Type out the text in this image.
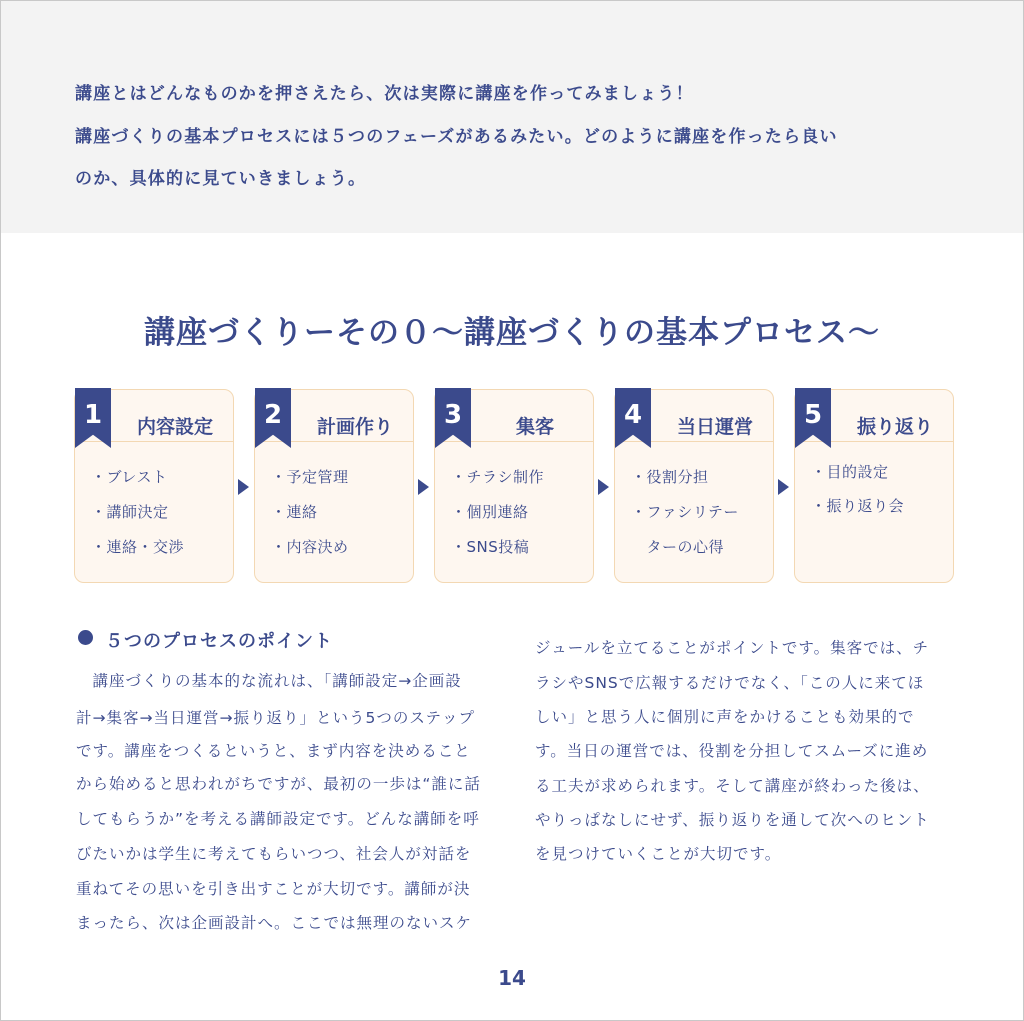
講座とはどんなものかを押さえたら、次は実際に講座を作ってみましょう！
講座づくりの基本プロセスには５つのフェーズがあるみたい。どのように講座を作ったら良い
のか、具体的に見ていきましょう。
講座づくりーその０～講座づくりの基本プロセス～
1	内容設定
・ブレスト
・講師決定
・連絡・交渉
2	計画作り
・予定管理
・連絡
・内容決め
3	集客
・チラシ制作
・個別連絡
・SNS投稿
4	当日運営
・役割分担
・ファシリテー
　ターの心得
5	振り返り
・目的設定
・振り返り会
５つのプロセスのポイント
　講座づくりの基本的な流れは、「講師設定→企画設
計→集客→当日運営→振り返り」という5つのステップ
です。講座をつくるというと、まず内容を決めること
から始めると思われがちですが、最初の一歩は“誰に話
してもらうか”を考える講師設定です。どんな講師を呼
びたいかは学生に考えてもらいつつ、社会人が対話を
重ねてその思いを引き出すことが大切です。講師が決
まったら、次は企画設計へ。ここでは無理のないスケ
ジュールを立てることがポイントです。集客では、チ
ラシやSNSで広報するだけでなく、「この人に来てほ
しい」と思う人に個別に声をかけることも効果的で
す。当日の運営では、役割を分担してスムーズに進め
る工夫が求められます。そして講座が終わった後は、
やりっぱなしにせず、振り返りを通して次へのヒント
を見つけていくことが大切です。
14
